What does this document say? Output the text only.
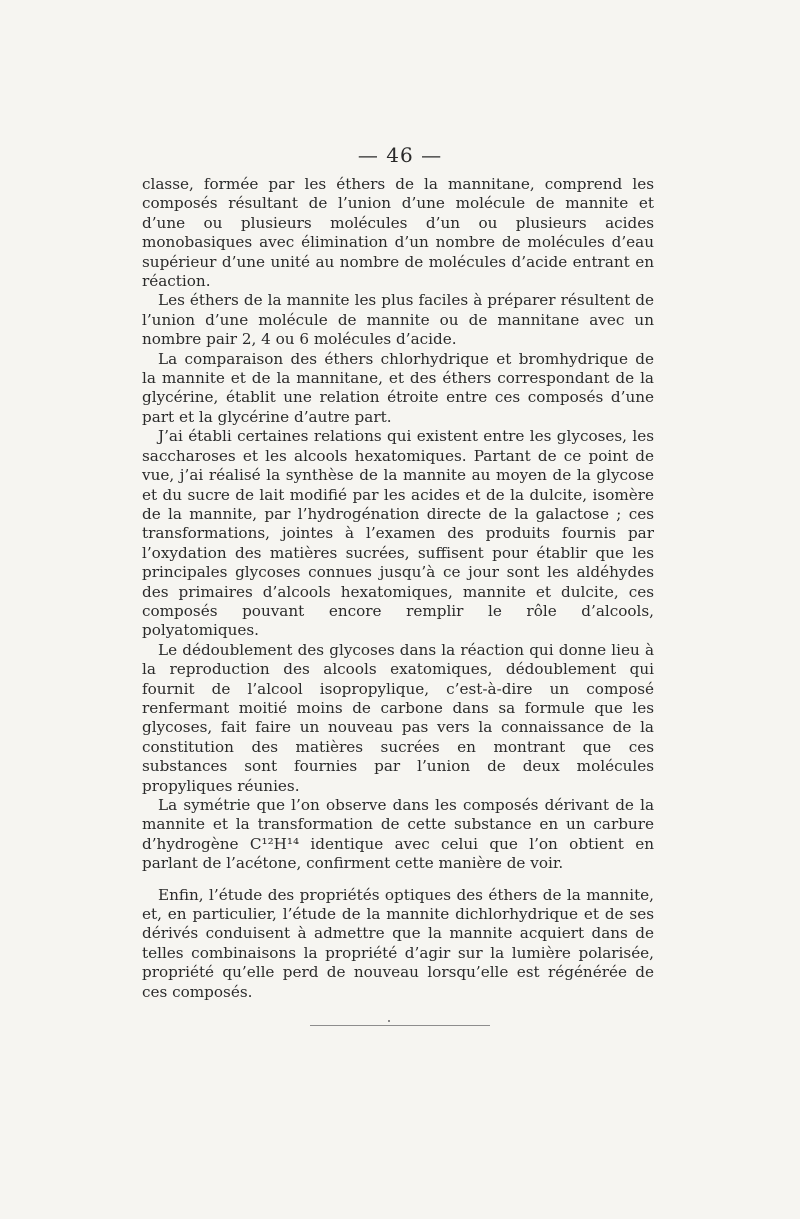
— 46 —

classe, formée par les éthers de la mannitane, comprend les composés résultant de l’union d’une molécule de mannite et d’une ou plusieurs molécules d’un ou plusieurs acides monobasiques avec élimination d’un nombre de molécules d’eau supérieur d’une unité au nombre de molécules d’acide entrant en réaction.

Les éthers de la mannite les plus faciles à préparer résultent de l’union d’une molécule de mannite ou de mannitane avec un nombre pair 2, 4 ou 6 molécules d’acide.

La comparaison des éthers chlorhydrique et bromhydrique de la mannite et de la mannitane, et des éthers correspondant de la glycérine, établit une relation étroite entre ces composés d’une part et la glycérine d’autre part.

J’ai établi certaines relations qui existent entre les glycoses, les saccharoses et les alcools hexatomiques. Partant de ce point de vue, j’ai réalisé la synthèse de la mannite au moyen de la glycose et du sucre de lait modifié par les acides et de la dulcite, isomère de la mannite, par l’hydrogénation directe de la galactose ; ces transformations, jointes à l’examen des produits fournis par l’oxydation des matières sucrées, suffisent pour établir que les principales glycoses connues jusqu’à ce jour sont les aldéhydes des primaires d’alcools hexatomiques, mannite et dulcite, ces composés pouvant encore remplir le rôle d’alcools, polyatomiques.

Le dédoublement des glycoses dans la réaction qui donne lieu à la reproduction des alcools exatomiques, dédoublement qui fournit de l’alcool isopropylique, c’est-à-dire un composé renfermant moitié moins de carbone dans sa formule que les glycoses, fait faire un nouveau pas vers la connaissance de la constitution des matières sucrées en montrant que ces substances sont fournies par l’union de deux molécules propyliques réunies.

La symétrie que l’on observe dans les composés dérivant de la mannite et la transformation de cette substance en un carbure d’hydrogène C¹²H¹⁴ identique avec celui que l’on obtient en parlant de l’acétone, confirment cette manière de voir.

Enfin, l’étude des propriétés optiques des éthers de la mannite, et, en particulier, l’étude de la mannite dichlorhydrique et de ses dérivés conduisent à admettre que la mannite acquiert dans de telles combinaisons la propriété d’agir sur la lumière polarisée, propriété qu’elle perd de nouveau lorsqu’elle est régénérée de ces composés.
